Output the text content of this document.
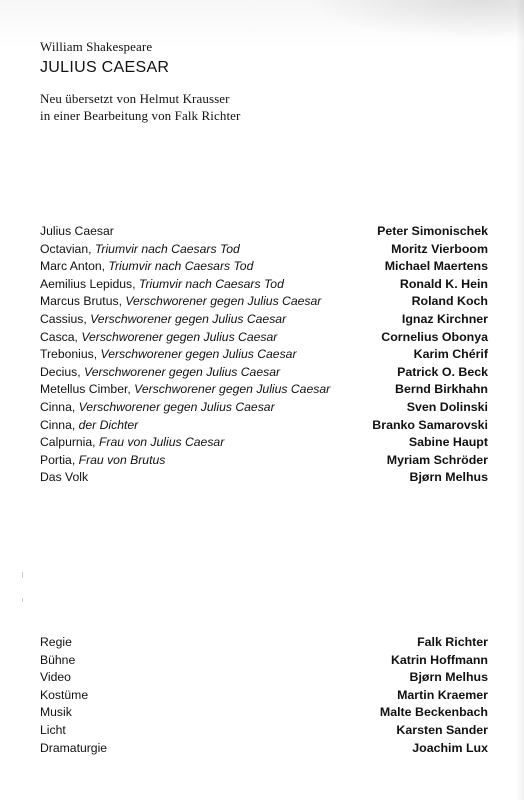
William Shakespeare
JULIUS CAESAR
Neu übersetzt von Helmut Krausser
in einer Bearbeitung von Falk Richter
Julius Caesar	Peter Simonischek
Octavian, Triumvir nach Caesars Tod	Moritz Vierboom
Marc Anton, Triumvir nach Caesars Tod	Michael Maertens
Aemilius Lepidus, Triumvir nach Caesars Tod	Ronald K. Hein
Marcus Brutus, Verschworener gegen Julius Caesar	Roland Koch
Cassius, Verschworener gegen Julius Caesar	Ignaz Kirchner
Casca, Verschworener gegen Julius Caesar	Cornelius Obonya
Trebonius, Verschworener gegen Julius Caesar	Karim Chérif
Decius, Verschworener gegen Julius Caesar	Patrick O. Beck
Metellus Cimber, Verschworener gegen Julius Caesar	Bernd Birkhahn
Cinna, Verschworener gegen Julius Caesar	Sven Dolinski
Cinna, der Dichter	Branko Samarovski
Calpurnia, Frau von Julius Caesar	Sabine Haupt
Portia, Frau von Brutus	Myriam Schröder
Das Volk	Bjørn Melhus
Regie	Falk Richter
Bühne	Katrin Hoffmann
Video	Bjørn Melhus
Kostüme	Martin Kraemer
Musik	Malte Beckenbach
Licht	Karsten Sander
Dramaturgie	Joachim Lux
